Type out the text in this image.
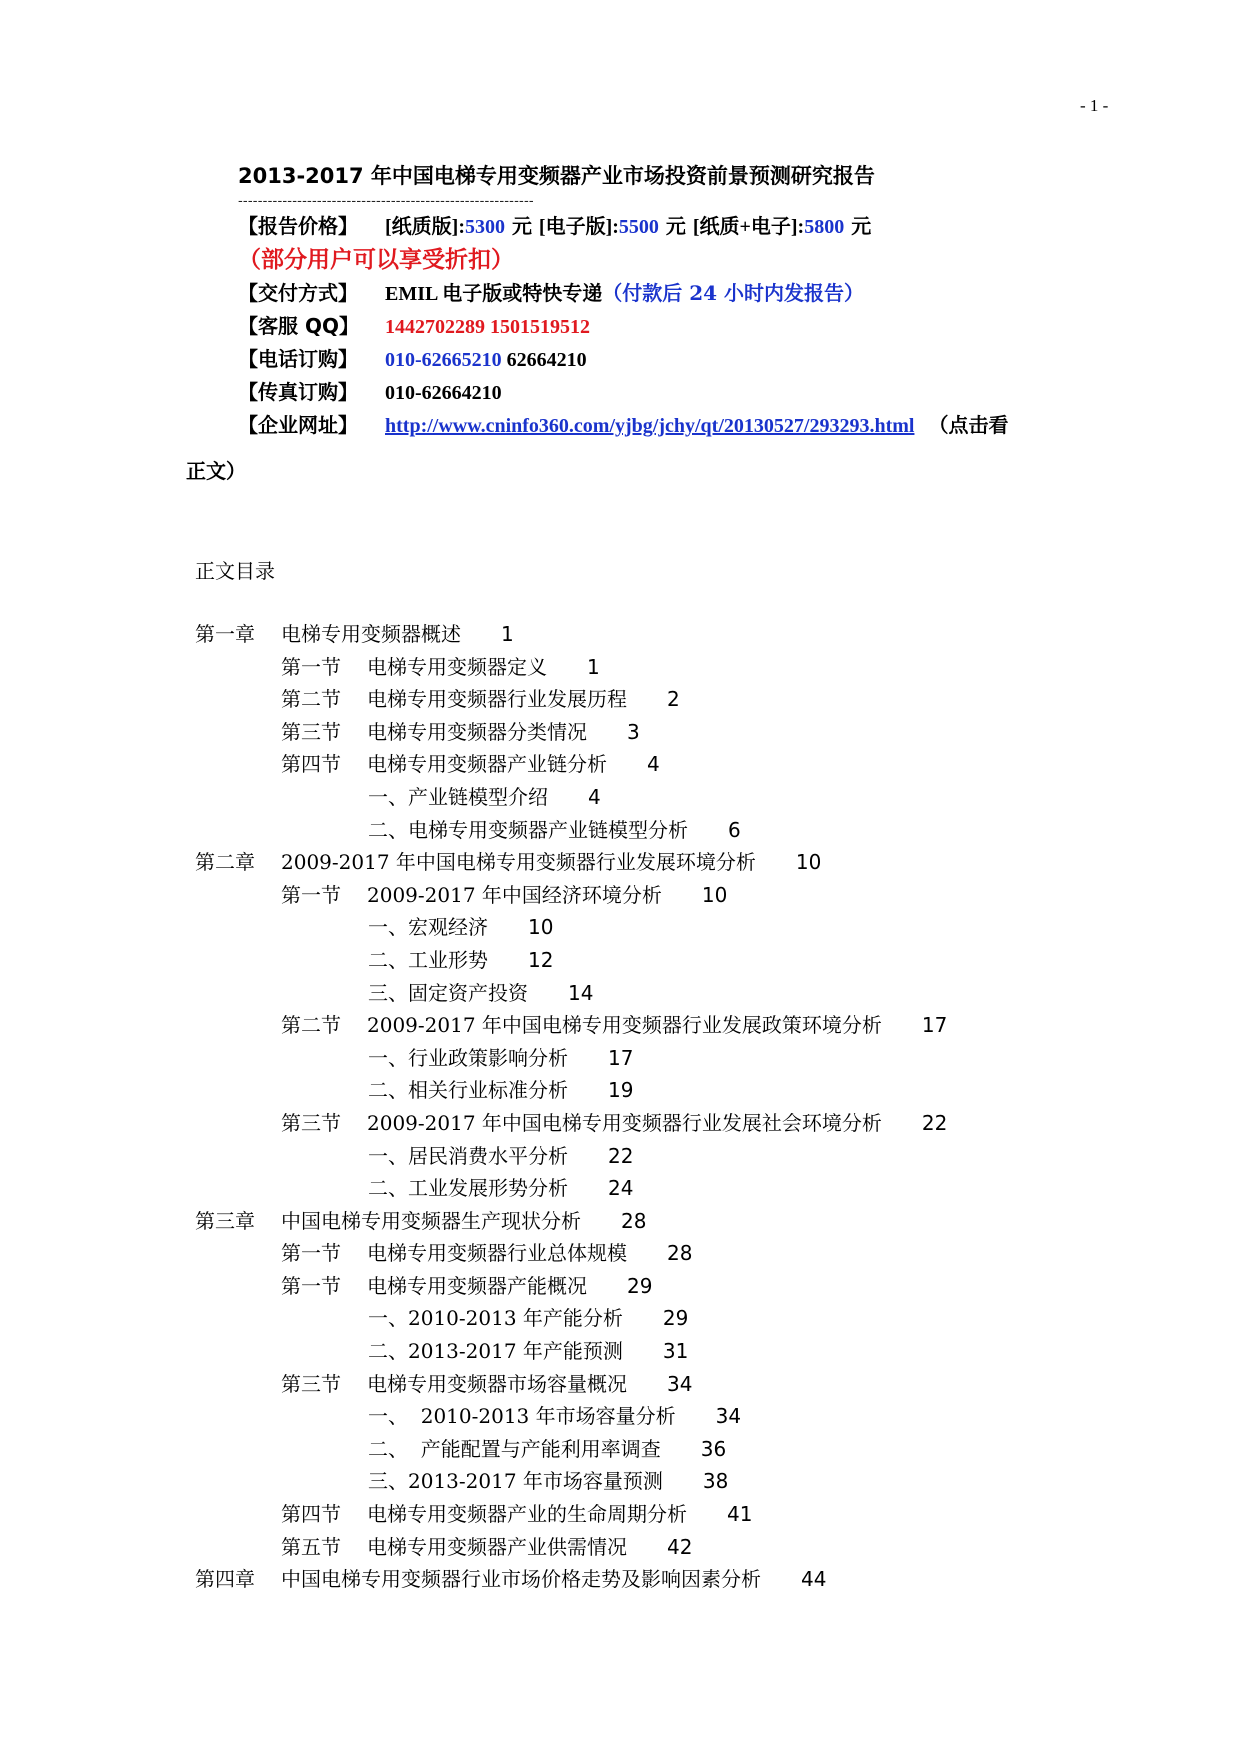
- 1 -
2013-2017 年中国电梯专用变频器产业市场投资前景预测研究报告
------------------------------------------------------------
【报告价格】 [纸质版]:5300 元 [电子版]:5500 元 [纸质+电子]:5800 元
（部分用户可以享受折扣）
【交付方式】 EMIL 电子版或特快专递（付款后 24 小时内发报告）
【客服 QQ】 1442702289 1501519512
【电话订购】 010-62665210 62664210
【传真订购】 010-62664210
【企业网址】 http://www.cninfo360.com/yjbg/jchy/qt/20130527/293293.html （点击看
正文）
正文目录
第一章 电梯专用变频器概述 1
第一节 电梯专用变频器定义 1
第二节 电梯专用变频器行业发展历程 2
第三节 电梯专用变频器分类情况 3
第四节 电梯专用变频器产业链分析 4
一、 产业链模型介绍 4
二、 电梯专用变频器产业链模型分析 6
第二章 2009-2017 年中国电梯专用变频器行业发展环境分析 10
第一节 2009-2017 年中国经济环境分析 10
一、 宏观经济 10
二、 工业形势 12
三、 固定资产投资 14
第二节 2009-2017 年中国电梯专用变频器行业发展政策环境分析 17
一、 行业政策影响分析 17
二、 相关行业标准分析 19
第三节 2009-2017 年中国电梯专用变频器行业发展社会环境分析 22
一、 居民消费水平分析 22
二、 工业发展形势分析 24
第三章 中国电梯专用变频器生产现状分析 28
第一节 电梯专用变频器行业总体规模 28
第一节 电梯专用变频器产能概况 29
一、 2010-2013 年产能分析 29
二、 2013-2017 年产能预测 31
第三节 电梯专用变频器市场容量概况 34
一、 2010-2013 年市场容量分析 34
二、 产能配置与产能利用率调查 36
三、 2013-2017 年市场容量预测 38
第四节 电梯专用变频器产业的生命周期分析 41
第五节 电梯专用变频器产业供需情况 42
第四章 中国电梯专用变频器行业市场价格走势及影响因素分析 44
